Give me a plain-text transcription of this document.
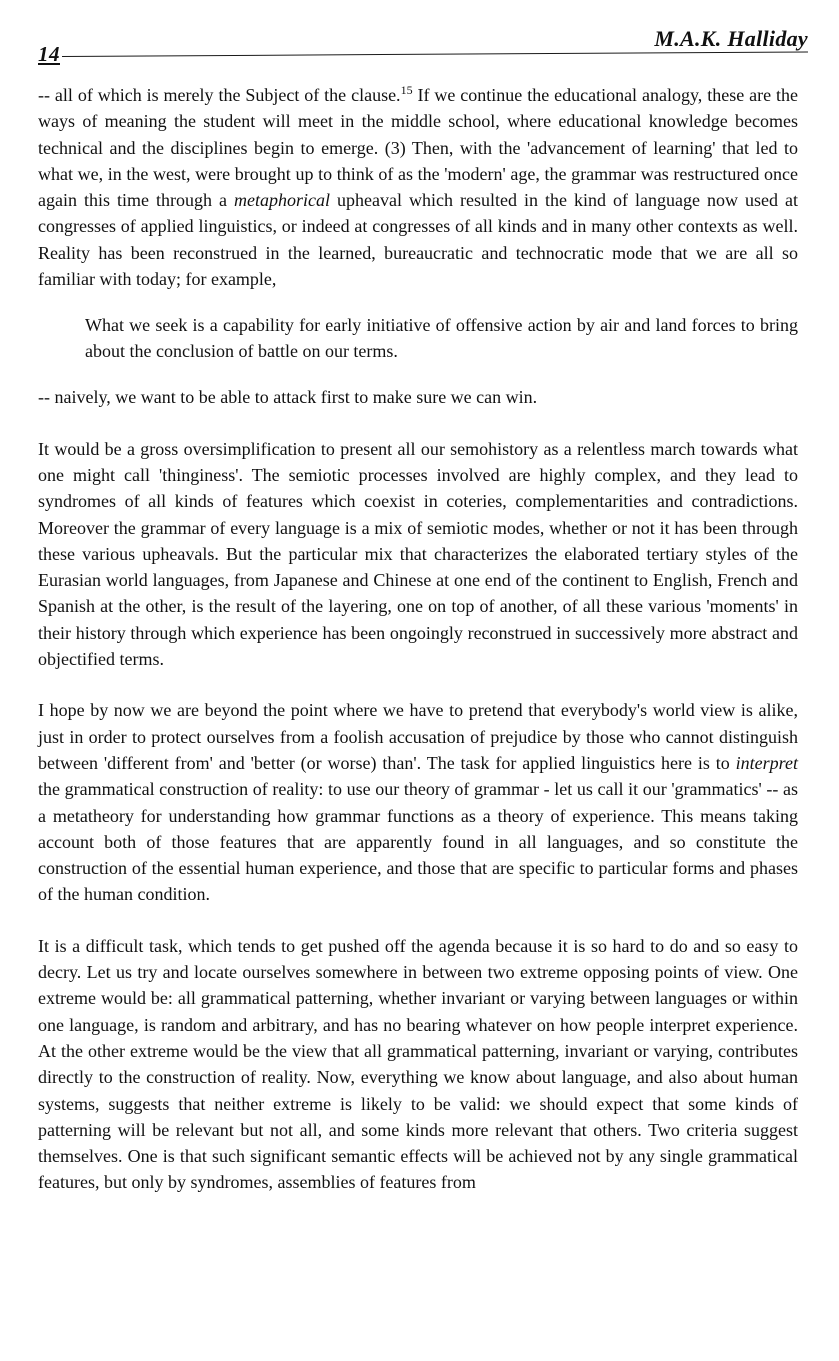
14
M.A.K. Halliday

-- all of which is merely the Subject of the clause.$^{15}$ If we continue the educational analogy, these are the ways of meaning the student will meet in the middle school, where educational knowledge becomes technical and the disciplines begin to emerge. (3) Then, with the 'advancement of learning' that led to what we, in the west, were brought up to think of as the 'modern' age, the grammar was restructured once again this time through a metaphorical upheaval which resulted in the kind of language now used at congresses of applied linguistics, or indeed at congresses of all kinds and in many other contexts as well. Reality has been reconstrued in the learned, bureaucratic and technocratic mode that we are all so familiar with today; for example,

What we seek is a capability for early initiative of offensive action by air and land forces to bring about the conclusion of battle on our terms.

-- naively, we want to be able to attack first to make sure we can win.

It would be a gross oversimplification to present all our semohistory as a relentless march towards what one might call 'thinginess'. The semiotic processes involved are highly complex, and they lead to syndromes of all kinds of features which coexist in coteries, complementarities and contradictions. Moreover the grammar of every language is a mix of semiotic modes, whether or not it has been through these various upheavals. But the particular mix that characterizes the elaborated tertiary styles of the Eurasian world languages, from Japanese and Chinese at one end of the continent to English, French and Spanish at the other, is the result of the layering, one on top of another, of all these various 'moments' in their history through which experience has been ongoingly reconstrued in successively more abstract and objectified terms.

I hope by now we are beyond the point where we have to pretend that everybody's world view is alike, just in order to protect ourselves from a foolish accusation of prejudice by those who cannot distinguish between 'different from' and 'better (or worse) than'. The task for applied linguistics here is to interpret the grammatical construction of reality: to use our theory of grammar - let us call it our 'grammatics' -- as a metatheory for understanding how grammar functions as a theory of experience. This means taking account both of those features that are apparently found in all languages, and so constitute the construction of the essential human experience, and those that are specific to particular forms and phases of the human condition.

It is a difficult task, which tends to get pushed off the agenda because it is so hard to do and so easy to decry. Let us try and locate ourselves somewhere in between two extreme opposing points of view. One extreme would be: all grammatical patterning, whether invariant or varying between languages or within one language, is random and arbitrary, and has no bearing whatever on how people interpret experience. At the other extreme would be the view that all grammatical patterning, invariant or varying, contributes directly to the construction of reality. Now, everything we know about language, and also about human systems, suggests that neither extreme is likely to be valid: we should expect that some kinds of patterning will be relevant but not all, and some kinds more relevant that others. Two criteria suggest themselves. One is that such significant semantic effects will be achieved not by any single grammatical features, but only by syndromes, assemblies of features from
